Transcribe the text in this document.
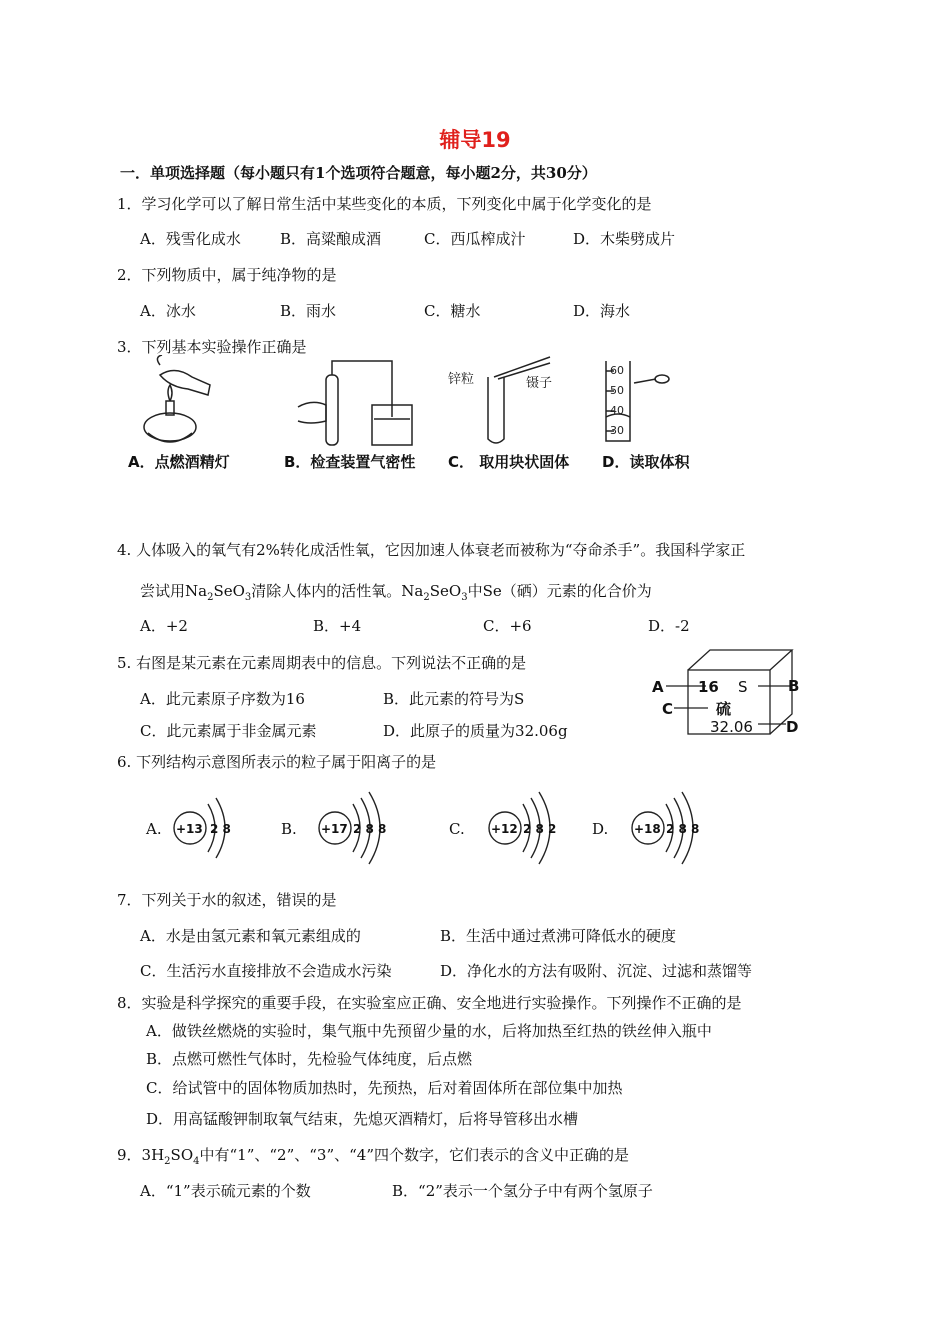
辅导19
一．单项选择题（每小题只有1个选项符合题意，每小题2分，共30分）
1．学习化学可以了解日常生活中某些变化的本质，下列变化中属于化学变化的是
A．残雪化成水	B．高粱酿成酒	C．西瓜榨成汁	D．木柴劈成片
2．下列物质中，属于纯净物的是
A．冰水	B．雨水	C．糖水	D．海水
3．下列基本实验操作正确是
锌粒	镊子
60
50
40
30
A．点燃酒精灯	B．检查装置气密性 C． 取用块状固体 D．读取体积
4. 人体吸入的氧气有2%转化成活性氧，它因加速人体衰老而被称为“夺命杀手”。我国科学家正
尝试用$Na_2SeO_3$清除人体内的活性氧。$Na_2SeO_3$中Se（硒）元素的化合价为
A．+2	B．+4	C．+6	D．-2
5. 右图是某元素在元素周期表中的信息。下列说法不正确的是
A．此元素原子序数为16	B．此元素的符号为S
C．此元素属于非金属元素	D．此原子的质量为32.06g
A 16 S	B
C	硫
32.06 D
6. 下列结构示意图所表示的粒子属于阳离子的是
A.	B.	C.	D.
+13 2 8	+17 2 8 8	+12 2 8 2	+18 2 8 8
7．下列关于水的叙述，错误的是
A．水是由氢元素和氧元素组成的	B．生活中通过煮沸可降低水的硬度
C．生活污水直接排放不会造成水污染	D．净化水的方法有吸附、沉淀、过滤和蒸馏等
8．实验是科学探究的重要手段，在实验室应正确、安全地进行实验操作。下列操作不正确的是
A．做铁丝燃烧的实验时，集气瓶中先预留少量的水，后将加热至红热的铁丝伸入瓶中
B．点燃可燃性气体时，先检验气体纯度，后点燃
C．给试管中的固体物质加热时，先预热，后对着固体所在部位集中加热
D．用高锰酸钾制取氧气结束，先熄灭酒精灯，后将导管移出水槽
9．$3H_2SO_4$中有“1”、“2”、“3”、“4”四个数字，它们表示的含义中正确的是
A．“1”表示硫元素的个数	B．“2”表示一个氢分子中有两个氢原子
